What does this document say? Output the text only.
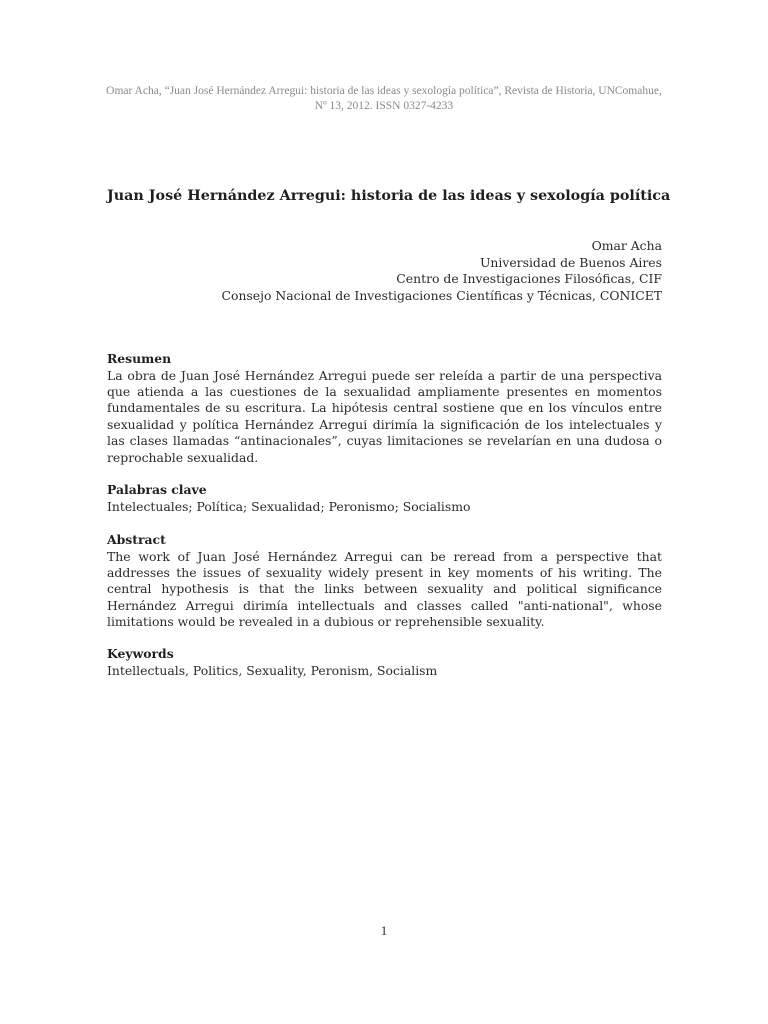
Omar Acha, “Juan José Hernández Arregui: historia de las ideas y sexología política”, Revista de Historia, UNComahue, Nº 13, 2012. ISSN 0327-4233
Juan José Hernández Arregui: historia de las ideas y sexología política
Omar Acha
Universidad de Buenos Aires
Centro de Investigaciones Filosóficas, CIF
Consejo Nacional de Investigaciones Científicas y Técnicas, CONICET
Resumen
La obra de Juan José Hernández Arregui puede ser releída a partir de una perspectiva que atienda a las cuestiones de la sexualidad ampliamente presentes en momentos fundamentales de su escritura. La hipótesis central sostiene que en los vínculos entre sexualidad y política Hernández Arregui dirimía la significación de los intelectuales y las clases llamadas “antinacionales”, cuyas limitaciones se revelarían en una dudosa o reprochable sexualidad.
Palabras clave
Intelectuales; Política; Sexualidad; Peronismo; Socialismo
Abstract
The work of Juan José Hernández Arregui can be reread from a perspective that addresses the issues of sexuality widely present in key moments of his writing. The central hypothesis is that the links between sexuality and political significance Hernández Arregui dirimía intellectuals and classes called "anti-national", whose limitations would be revealed in a dubious or reprehensible sexuality.
Keywords
Intellectuals, Politics, Sexuality, Peronism, Socialism
1
